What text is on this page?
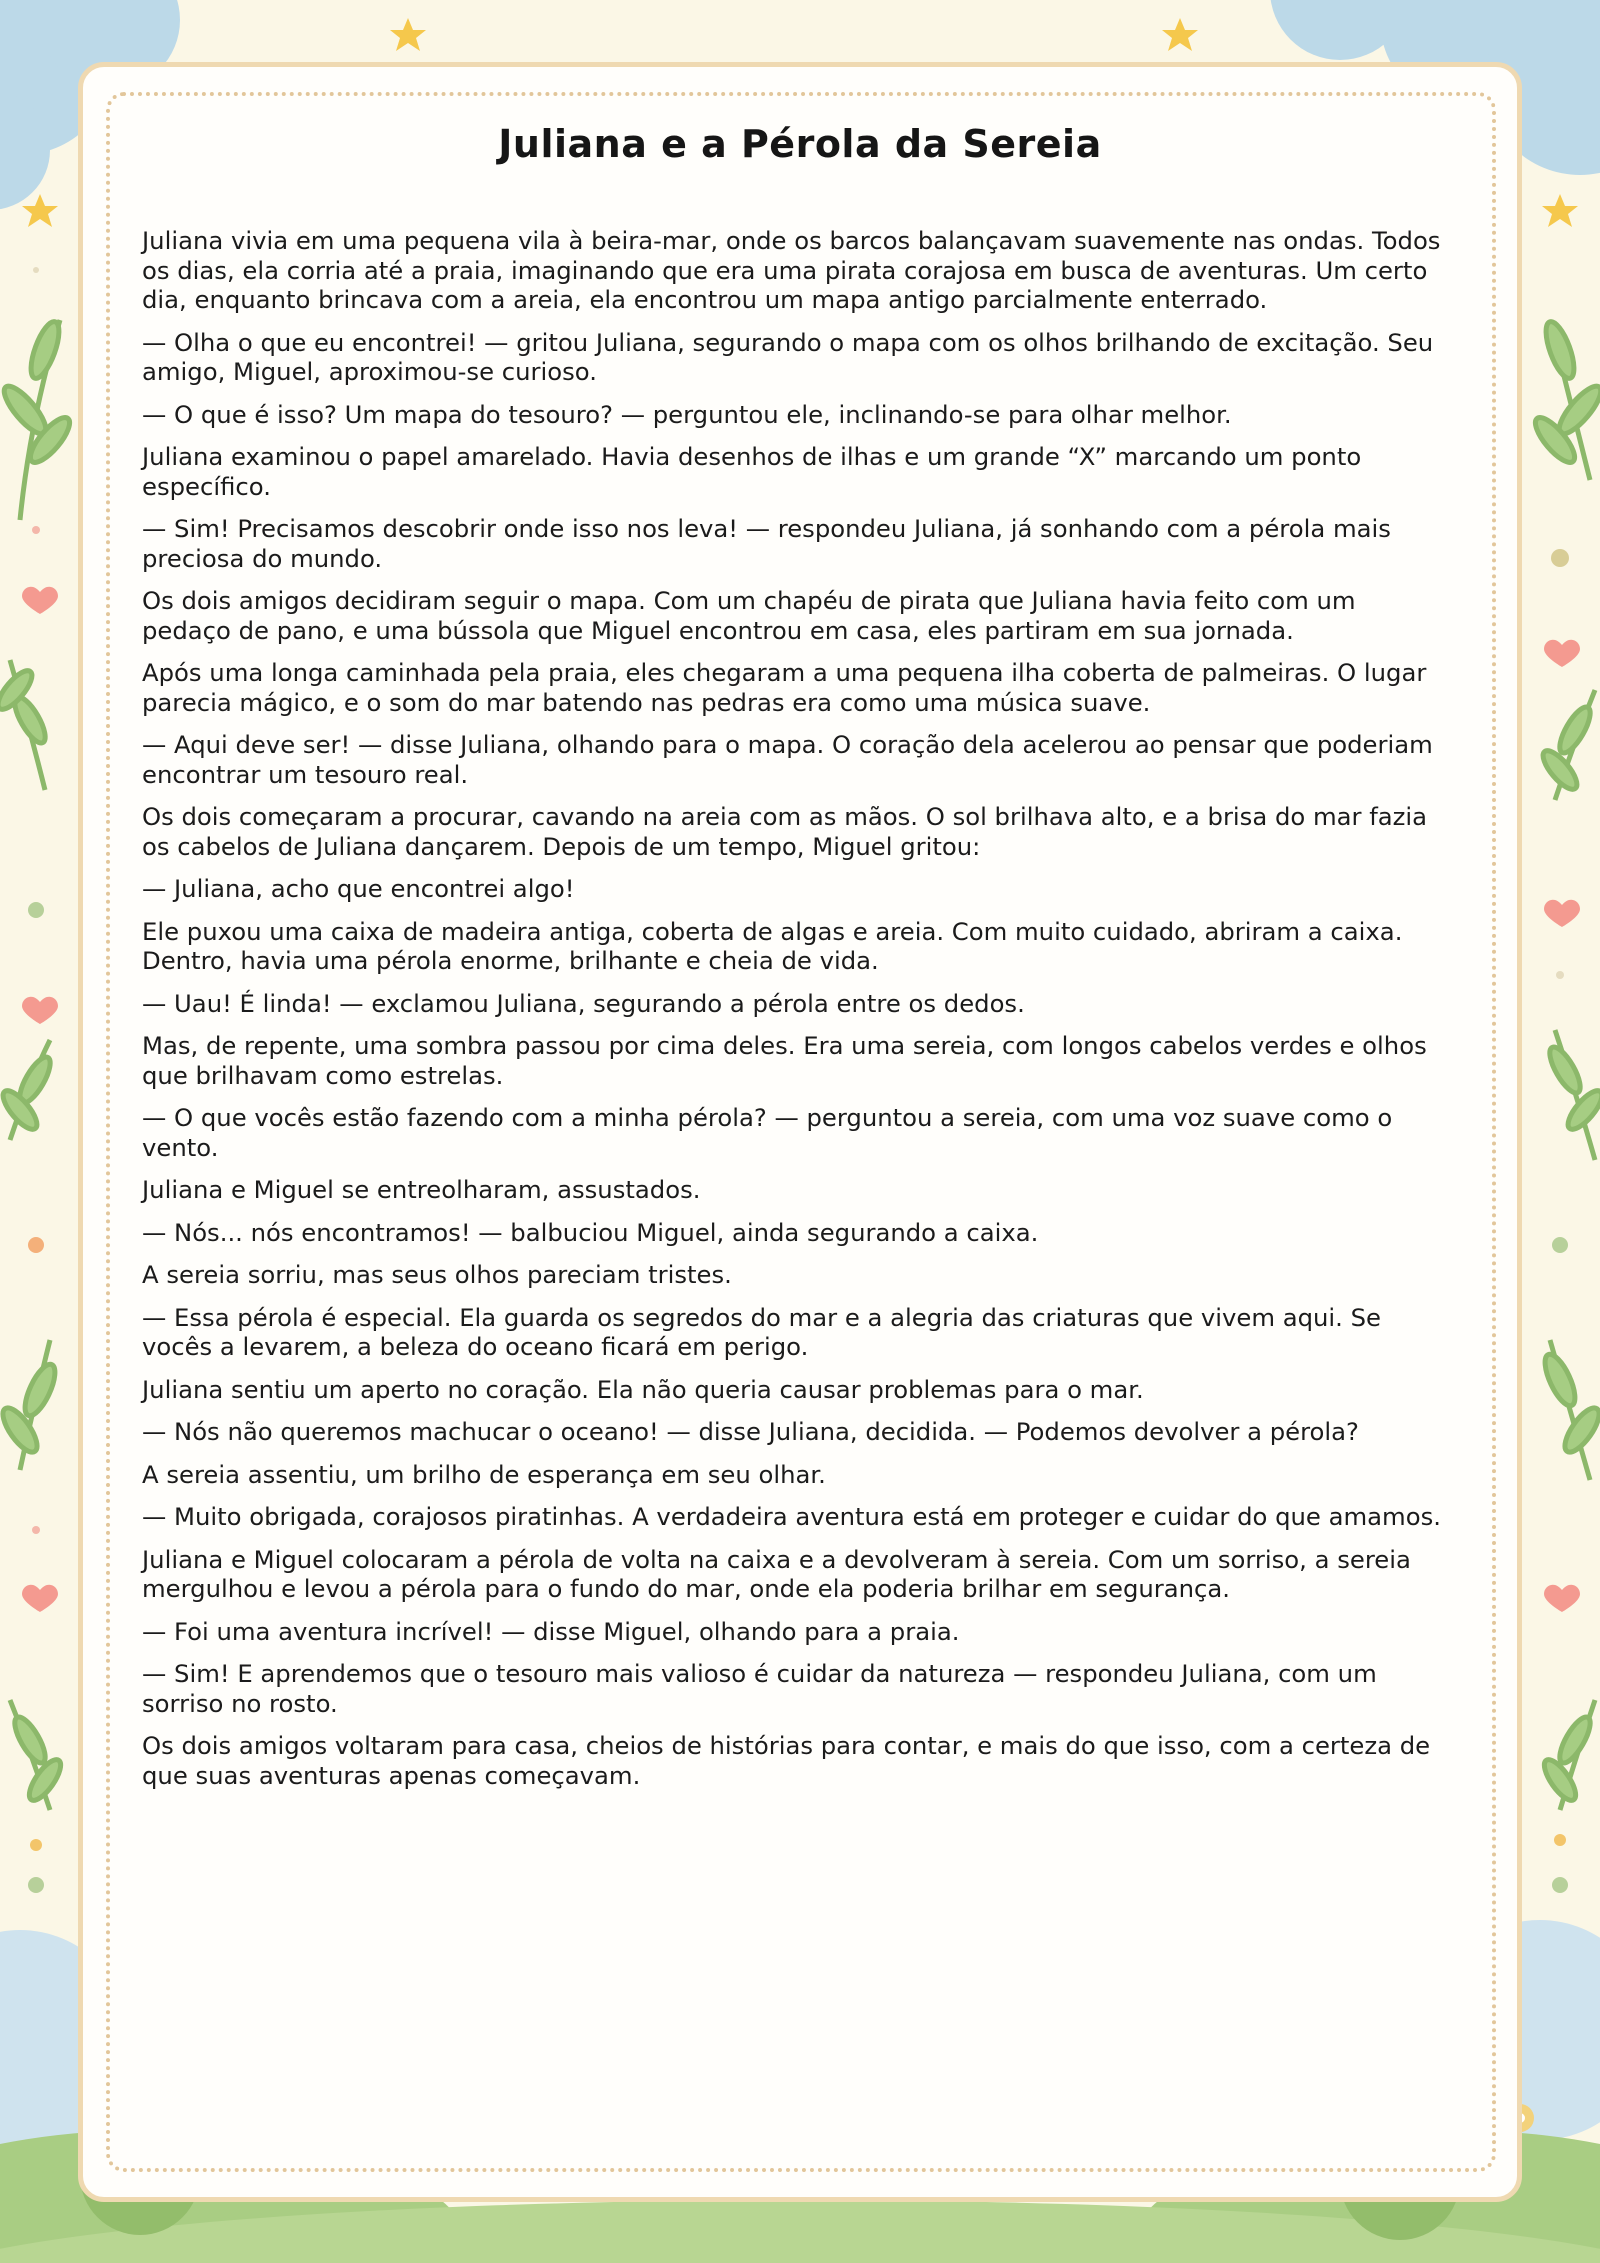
Juliana e a Pérola da Sereia

Juliana vivia em uma pequena vila à beira-mar, onde os barcos balançavam suavemente nas ondas. Todos os dias, ela corria até a praia, imaginando que era uma pirata corajosa em busca de aventuras. Um certo dia, enquanto brincava com a areia, ela encontrou um mapa antigo parcialmente enterrado.

— Olha o que eu encontrei! — gritou Juliana, segurando o mapa com os olhos brilhando de excitação. Seu amigo, Miguel, aproximou-se curioso.

— O que é isso? Um mapa do tesouro? — perguntou ele, inclinando-se para olhar melhor.

Juliana examinou o papel amarelado. Havia desenhos de ilhas e um grande “X” marcando um ponto específico.

— Sim! Precisamos descobrir onde isso nos leva! — respondeu Juliana, já sonhando com a pérola mais preciosa do mundo.

Os dois amigos decidiram seguir o mapa. Com um chapéu de pirata que Juliana havia feito com um pedaço de pano, e uma bússola que Miguel encontrou em casa, eles partiram em sua jornada.

Após uma longa caminhada pela praia, eles chegaram a uma pequena ilha coberta de palmeiras. O lugar parecia mágico, e o som do mar batendo nas pedras era como uma música suave.

— Aqui deve ser! — disse Juliana, olhando para o mapa. O coração dela acelerou ao pensar que poderiam encontrar um tesouro real.

Os dois começaram a procurar, cavando na areia com as mãos. O sol brilhava alto, e a brisa do mar fazia os cabelos de Juliana dançarem. Depois de um tempo, Miguel gritou:

— Juliana, acho que encontrei algo!

Ele puxou uma caixa de madeira antiga, coberta de algas e areia. Com muito cuidado, abriram a caixa. Dentro, havia uma pérola enorme, brilhante e cheia de vida.

— Uau! É linda! — exclamou Juliana, segurando a pérola entre os dedos.

Mas, de repente, uma sombra passou por cima deles. Era uma sereia, com longos cabelos verdes e olhos que brilhavam como estrelas.

— O que vocês estão fazendo com a minha pérola? — perguntou a sereia, com uma voz suave como o vento.

Juliana e Miguel se entreolharam, assustados.

— Nós... nós encontramos! — balbuciou Miguel, ainda segurando a caixa.

A sereia sorriu, mas seus olhos pareciam tristes.

— Essa pérola é especial. Ela guarda os segredos do mar e a alegria das criaturas que vivem aqui. Se vocês a levarem, a beleza do oceano ficará em perigo.

Juliana sentiu um aperto no coração. Ela não queria causar problemas para o mar.

— Nós não queremos machucar o oceano! — disse Juliana, decidida. — Podemos devolver a pérola?

A sereia assentiu, um brilho de esperança em seu olhar.

— Muito obrigada, corajosos piratinhas. A verdadeira aventura está em proteger e cuidar do que amamos.

Juliana e Miguel colocaram a pérola de volta na caixa e a devolveram à sereia. Com um sorriso, a sereia mergulhou e levou a pérola para o fundo do mar, onde ela poderia brilhar em segurança.

— Foi uma aventura incrível! — disse Miguel, olhando para a praia.

— Sim! E aprendemos que o tesouro mais valioso é cuidar da natureza — respondeu Juliana, com um sorriso no rosto.

Os dois amigos voltaram para casa, cheios de histórias para contar, e mais do que isso, com a certeza de que suas aventuras apenas começavam.
